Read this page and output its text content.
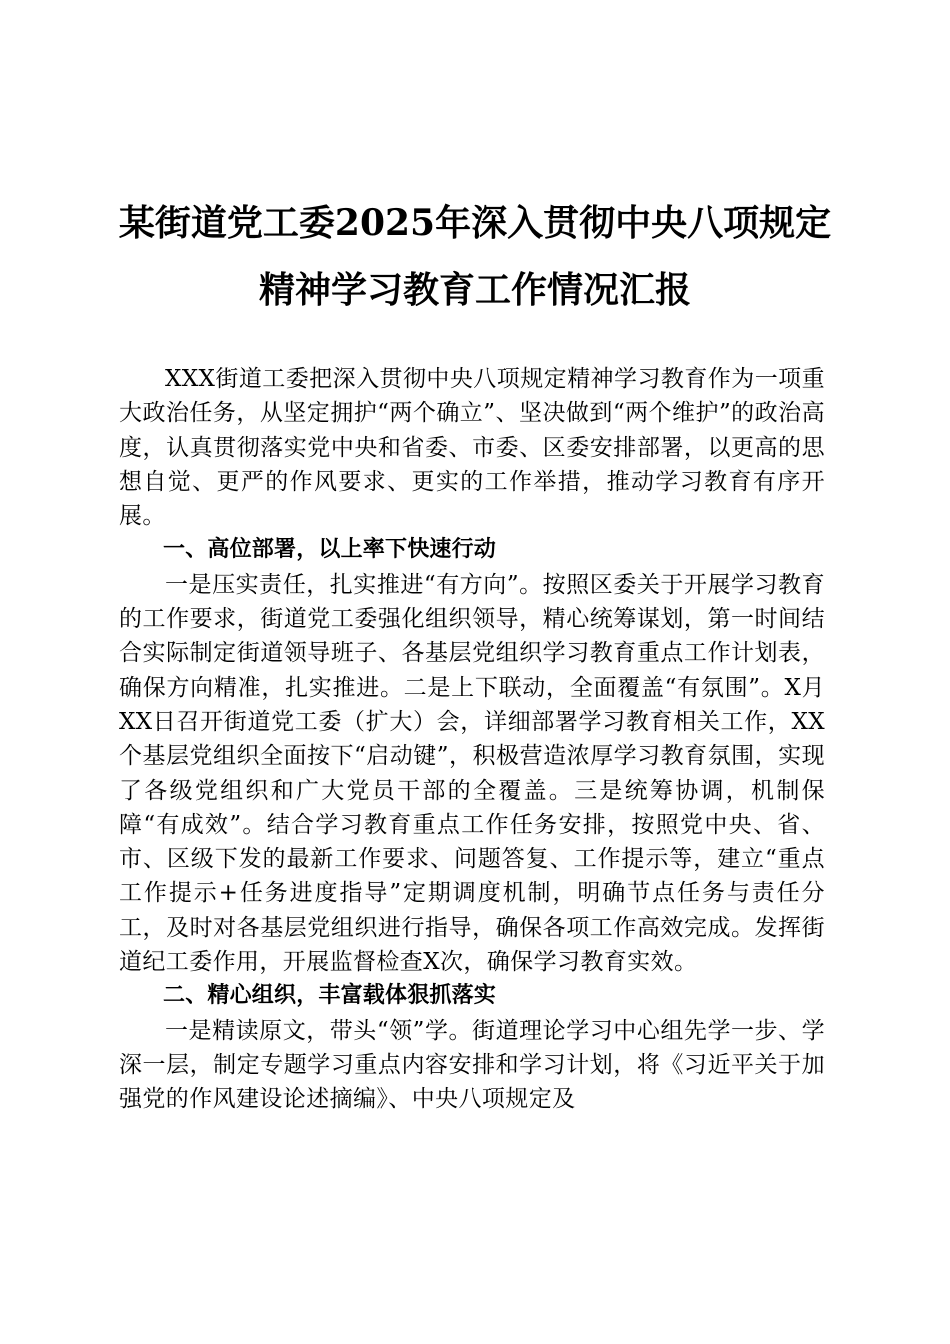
某街道党工委2025年深入贯彻中央八项规定
精神学习教育工作情况汇报

XXX街道工委把深入贯彻中央八项规定精神学习教育作为一项重大政治任务，从坚定拥护“两个确立”、坚决做到“两个维护”的政治高度，认真贯彻落实党中央和省委、市委、区委安排部署，以更高的思想自觉、更严的作风要求、更实的工作举措，推动学习教育有序开展。

一、高位部署，以上率下快速行动

一是压实责任，扎实推进“有方向”。按照区委关于开展学习教育的工作要求，街道党工委强化组织领导，精心统筹谋划，第一时间结合实际制定街道领导班子、各基层党组织学习教育重点工作计划表，确保方向精准，扎实推进。二是上下联动，全面覆盖“有氛围”。X月XX日召开街道党工委（扩大）会，详细部署学习教育相关工作，XX个基层党组织全面按下“启动键”，积极营造浓厚学习教育氛围，实现了各级党组织和广大党员干部的全覆盖。三是统筹协调，机制保障“有成效”。结合学习教育重点工作任务安排，按照党中央、省、市、区级下发的最新工作要求、问题答复、工作提示等，建立“重点工作提示+任务进度指导”定期调度机制，明确节点任务与责任分工，及时对各基层党组织进行指导，确保各项工作高效完成。发挥街道纪工委作用，开展监督检查X次，确保学习教育实效。

二、精心组织，丰富载体狠抓落实

一是精读原文，带头“领”学。街道理论学习中心组先学一步、学深一层，制定专题学习重点内容安排和学习计划，将《习近平关于加强党的作风建设论述摘编》、中央八项规定及
